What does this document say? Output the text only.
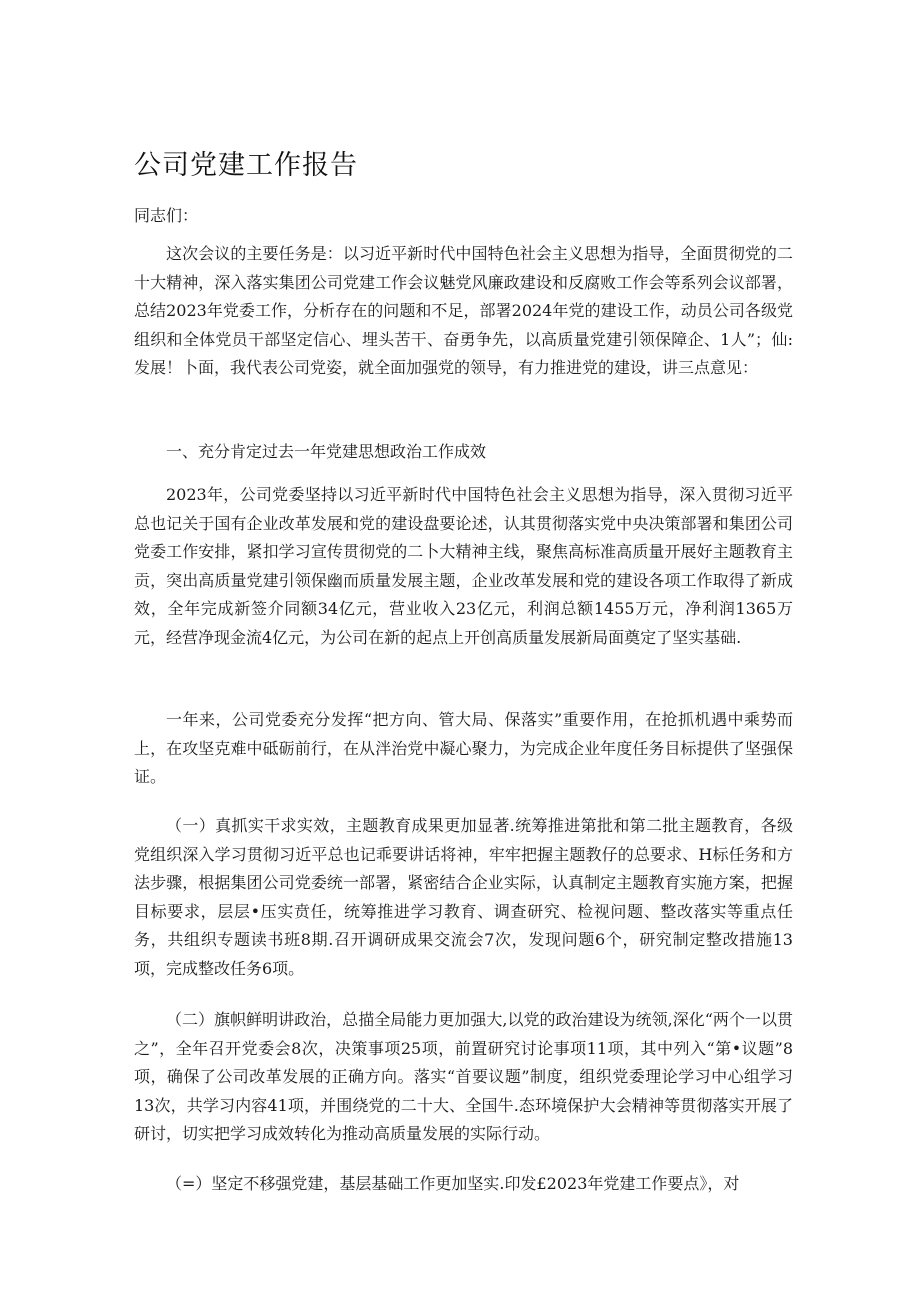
公司党建工作报告

同志们：

这次会议的主要任务是：以习近平新时代中国特色社会主义思想为指导，全面贯彻党的二十大精神，深入落实集团公司党建工作会议魅党风廉政建设和反腐败工作会等系列会议部署，总结2023年党委工作，分析存在的问题和不足，部署2024年党的建设工作，动员公司各级党组织和全体党员干部坚定信心、埋头苦干、奋勇争先，以高质量党建引领保障企、1人”；仙:发展！卜面，我代表公司党姿，就全面加强党的领导，有力推进党的建设，讲三点意见：

一、充分肯定过去一年党建思想政治工作成效

2023年，公司党委坚持以习近平新时代中国特色社会主义思想为指导，深入贯彻习近平总也记关于国有企业改革发展和党的建设盘要论述，认其贯彻落实党中央决策部署和集团公司党委工作安排，紧扣学习宣传贯彻党的二卜大精神主线，聚焦高标准高质量开展好主题教育主贡，突出高质量党建引领保幽而质量发展主题，企业改革发展和党的建设各项工作取得了新成效，全年完成新签介同额34亿元，营业收入23亿元，利润总额1455万元，净利润1365万元，经营净现金流4亿元，为公司在新的起点上开创高质量发展新局面奠定了坚实基础.

一年来，公司党委充分发挥“把方向、管大局、保落实”重要作用，在抢抓机遇中乘势而上，在攻坚克难中砥砺前行，在从泮治党中凝心聚力，为完成企业年度任务目标提供了坚强保证。

（一）真抓实干求实效，主题教育成果更加显著.统筹推进第批和第二批主题教育，各级党组织深入学习贯彻习近平总也记乖要讲话将神，牢牢把握主题教仔的总要求、H标任务和方法步骤，根据集团公司党委统一部署，紧密结合企业实际，认真制定主题教育实施方案，把握目标要求，层层•压实贲任，统筹推进学习教育、调查研究、检视问题、整改落实等重点任务，共组织专题读书班8期.召开调研成果交流会7次，发现问题6个，研究制定整改措施13项，完成整改任务6项。

（二）旗帜鲜明讲政治，总描全局能力更加强大,以党的政治建设为统领,深化“两个一以贯之”，全年召开党委会8次，决策事项25项，前置研究讨论事项11项，其中列入“第•议题”8项，确保了公司改革发展的正确方向。落实“首要议题”制度，组织党委理论学习中心组学习13次，共学习内容41项，并围绕党的二十大、全国牛.态环境保护大会精神等贯彻落实开展了研讨，切实把学习成效转化为推动高质量发展的实际行动。

（=）坚定不移强党建，基层基础工作更加坚实.印发£2023年党建工作要点》，对
